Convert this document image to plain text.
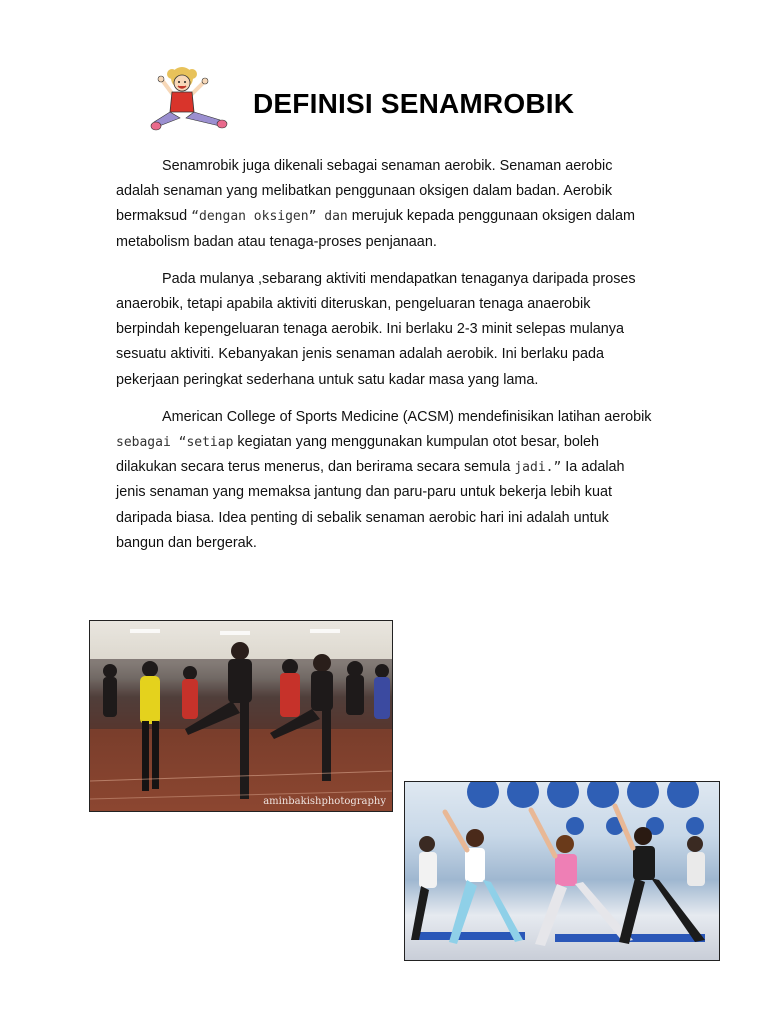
DEFINISI SENAMROBIK

Senamrobik juga dikenali sebagai senaman aerobik. Senaman aerobic adalah senaman yang melibatkan penggunaan oksigen dalam badan. Aerobik bermaksud “dengan oksigen” dan merujuk kepada penggunaan oksigen dalam metabolism badan atau tenaga-proses penjanaan.

Pada mulanya ,sebarang aktiviti mendapatkan tenaganya daripada proses anaerobik, tetapi apabila aktiviti diteruskan, pengeluaran tenaga anaerobik berpindah kepengeluaran tenaga aerobik. Ini berlaku 2-3 minit selepas mulanya sesuatu aktiviti. Kebanyakan jenis senaman adalah aerobik. Ini berlaku pada pekerjaan peringkat sederhana untuk satu kadar masa yang lama.

American College of Sports Medicine (ACSM) mendefinisikan latihan aerobik sebagai “setiap kegiatan yang menggunakan kumpulan otot besar, boleh dilakukan secara terus menerus, dan berirama secara semula jadi.” Ia adalah jenis senaman yang memaksa jantung dan paru-paru untuk bekerja lebih kuat daripada biasa. Idea penting di sebalik senaman aerobic hari ini adalah untuk bangun dan bergerak.

aminbakishphotography
